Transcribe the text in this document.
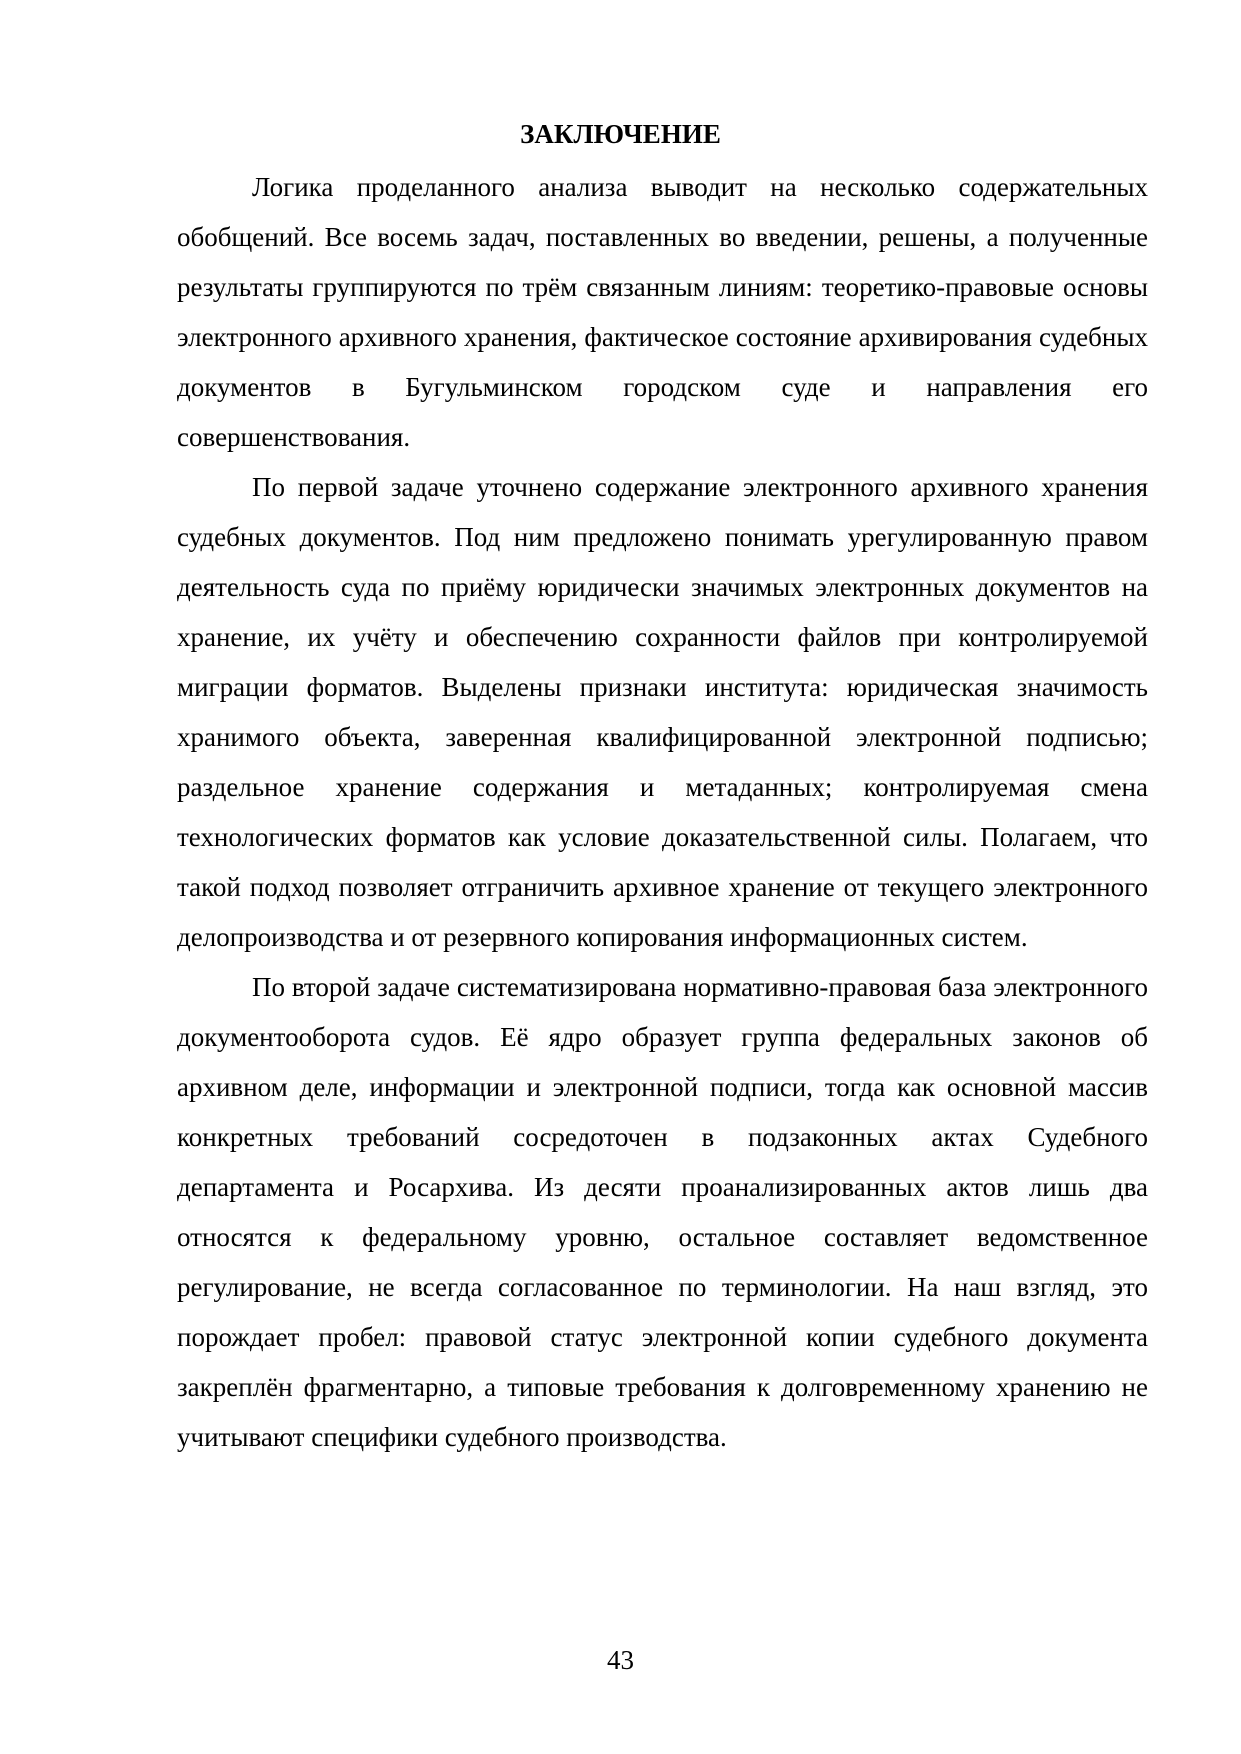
ЗАКЛЮЧЕНИЕ

Логика проделанного анализа выводит на несколько содержательных обобщений. Все восемь задач, поставленных во введении, решены, а полученные результаты группируются по трём связанным линиям: теоретико-правовые основы электронного архивного хранения, фактическое состояние архивирования судебных документов в Бугульминском городском суде и направления его совершенствования.

По первой задаче уточнено содержание электронного архивного хранения судебных документов. Под ним предложено понимать урегулированную правом деятельность суда по приёму юридически значимых электронных документов на хранение, их учёту и обеспечению сохранности файлов при контролируемой миграции форматов. Выделены признаки института: юридическая значимость хранимого объекта, заверенная квалифицированной электронной подписью; раздельное хранение содержания и метаданных; контролируемая смена технологических форматов как условие доказательственной силы. Полагаем, что такой подход позволяет отграничить архивное хранение от текущего электронного делопроизводства и от резервного копирования информационных систем.

По второй задаче систематизирована нормативно-правовая база электронного документооборота судов. Её ядро образует группа федеральных законов об архивном деле, информации и электронной подписи, тогда как основной массив конкретных требований сосредоточен в подзаконных актах Судебного департамента и Росархива. Из десяти проанализированных актов лишь два относятся к федеральному уровню, остальное составляет ведомственное регулирование, не всегда согласованное по терминологии. На наш взгляд, это порождает пробел: правовой статус электронной копии судебного документа закреплён фрагментарно, а типовые требования к долговременному хранению не учитывают специфики судебного производства.

43
